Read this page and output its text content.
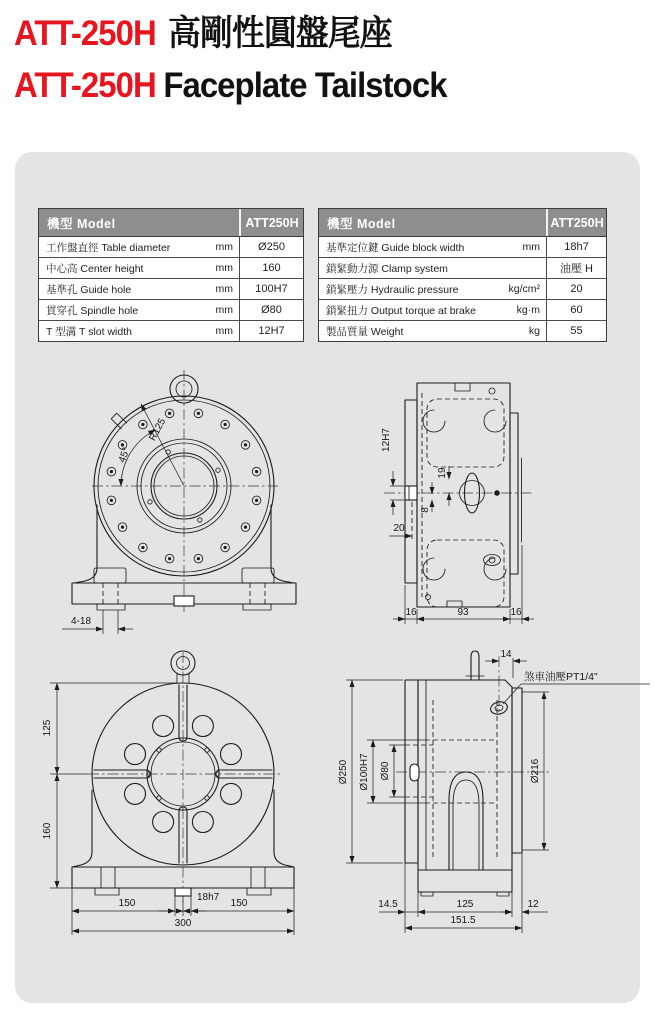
ATT-250H 高剛性圓盤尾座
ATT-250H Faceplate Tailstock
機型 Model	ATT250H
工作盤直徑 Table diameter	mm	Ø250
中心高 Center height	mm	160
基準孔 Guide hole	mm	100H7
貫穿孔 Spindle hole	mm	Ø80
T 型溝 T slot width	mm	12H7
機型 Model	ATT250H
基準定位鍵 Guide block width	mm	18h7
鎖緊動力源 Clamp system	油壓 H
鎖緊壓力 Hydraulic pressure	kg/cm²	20
鎖緊扭力 Output torque at brake	kg·m	60
製品質量 Weight	kg	55
R125
45°
4-18
12H7
19
8
20
16	93	16
125
160
150	150
18h7
300
煞車油壓PT1/4"
14
Ø250 Ø100H7 Ø80	Ø216
14.5	125	12
151.5
